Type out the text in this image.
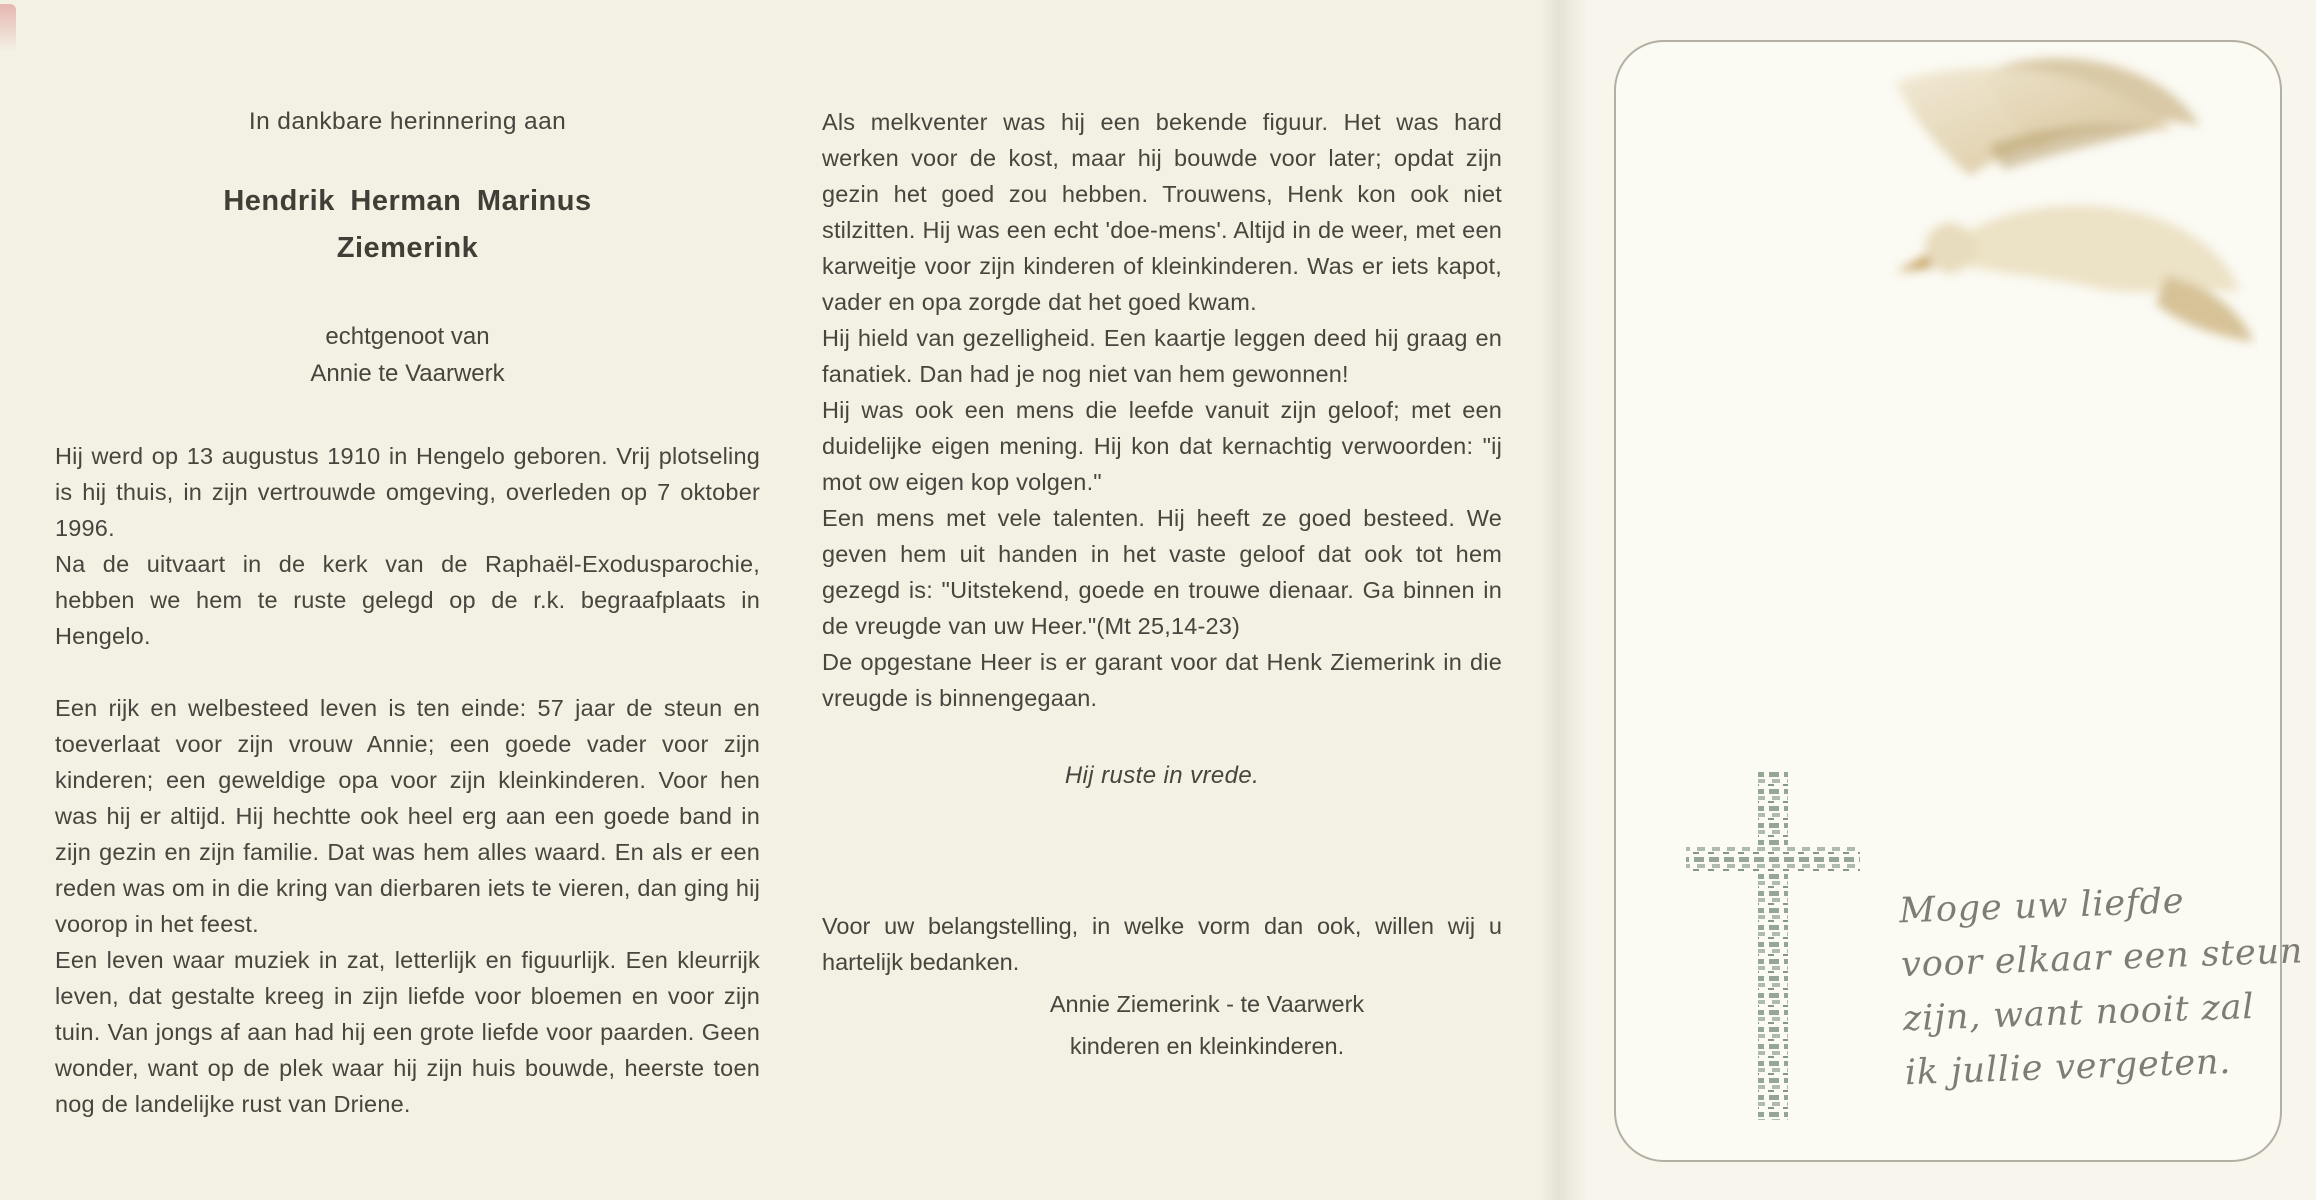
In dankbare herinnering aan

Hendrik Herman Marinus
Ziemerink

echtgenoot van

Annie te Vaarwerk

Hij werd op 13 augustus 1910 in Hengelo geboren. Vrij plotseling is hij thuis, in zijn vertrouwde omgeving, overleden op 7 oktober 1996.

Na de uitvaart in de kerk van de Raphaël-Exodusparochie, hebben we hem te ruste gelegd op de r.k. begraafplaats in Hengelo.

Een rijk en welbesteed leven is ten einde: 57 jaar de steun en toeverlaat voor zijn vrouw Annie; een goede vader voor zijn kinderen; een geweldige opa voor zijn kleinkinderen. Voor hen was hij er altijd. Hij hechtte ook heel erg aan een goede band in zijn gezin en zijn familie. Dat was hem alles waard. En als er een reden was om in die kring van dierbaren iets te vieren, dan ging hij voorop in het feest.

Een leven waar muziek in zat, letterlijk en figuurlijk. Een kleurrijk leven, dat gestalte kreeg in zijn liefde voor bloemen en voor zijn tuin. Van jongs af aan had hij een grote liefde voor paarden. Geen wonder, want op de plek waar hij zijn huis bouwde, heerste toen nog de landelijke rust van Driene.

Als melkventer was hij een bekende figuur. Het was hard werken voor de kost, maar hij bouwde voor later; opdat zijn gezin het goed zou hebben. Trouwens, Henk kon ook niet stilzitten. Hij was een echt 'doe-mens'. Altijd in de weer, met een karweitje voor zijn kinderen of kleinkinderen. Was er iets kapot, vader en opa zorgde dat het goed kwam.

Hij hield van gezelligheid. Een kaartje leggen deed hij graag en fanatiek. Dan had je nog niet van hem gewonnen!

Hij was ook een mens die leefde vanuit zijn geloof; met een duidelijke eigen mening. Hij kon dat kernachtig verwoorden: "ij mot ow eigen kop volgen."

Een mens met vele talenten. Hij heeft ze goed besteed. We geven hem uit handen in het vaste geloof dat ook tot hem gezegd is: "Uitstekend, goede en trouwe dienaar. Ga binnen in de vreugde van uw Heer."(Mt 25,14-23)

De opgestane Heer is er garant voor dat Henk Ziemerink in die vreugde is binnengegaan.

Hij ruste in vrede.

Voor uw belangstelling, in welke vorm dan ook, willen wij u hartelijk bedanken.

Annie Ziemerink - te Vaarwerk
kinderen en kleinkinderen.
Moge uw liefde
voor elkaar een steun
zijn, want nooit zal
ik jullie vergeten.
